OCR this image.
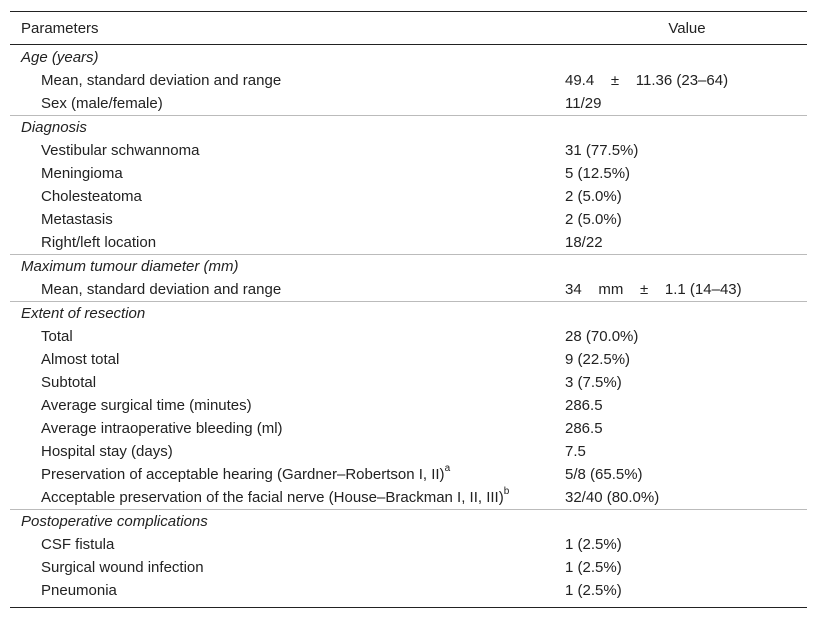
Parameters	Value
Age (years)
Mean, standard deviation and range	49.4    ±    11.36 (23–64)
Sex (male/female)	11/29
Diagnosis
Vestibular schwannoma	31 (77.5%)
Meningioma	5 (12.5%)
Cholesteatoma	2 (5.0%)
Metastasis	2 (5.0%)
Right/left location	18/22
Maximum tumour diameter (mm)
Mean, standard deviation and range	34    mm    ±    1.1 (14–43)
Extent of resection
Total	28 (70.0%)
Almost total	9 (22.5%)
Subtotal	3 (7.5%)
Average surgical time (minutes)	286.5
Average intraoperative bleeding (ml)	286.5
Hospital stay (days)	7.5
Preservation of acceptable hearing (Gardner–Robertson I, II)$^a$	5/8 (65.5%)
Acceptable preservation of the facial nerve (House–Brackman I, II, III)$^b$	32/40 (80.0%)
Postoperative complications
CSF fistula	1 (2.5%)
Surgical wound infection	1 (2.5%)
Pneumonia	1 (2.5%)
